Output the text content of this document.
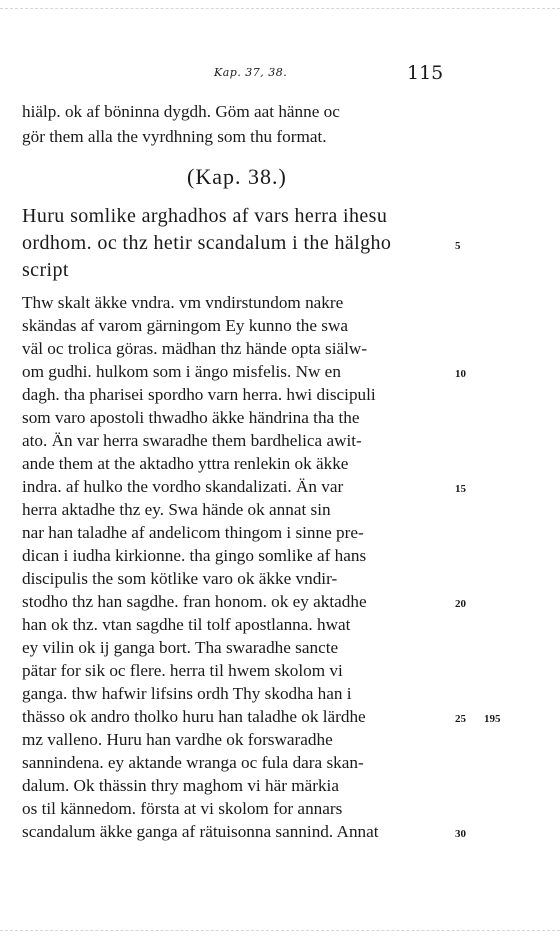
Kap. 37, 38.	115
hiälp. ok af böninna dygdh. Göm aat hänne oc
gör them alla the vyrdhning som thu format.
(Kap. 38.)
Huru somlike arghadhos af vars herra ihesu
ordhom. oc thz hetir scandalum i the hälgho
script
Thw skalt äkke vndra. vm vndirstundom nakre
skändas af varom gärningom Ey kunno the swa
väl oc trolica göras. mädhan thz hände opta siälw-
om gudhi. hulkom som i ängo misfelis. Nw en
dagh. tha pharisei spordho varn herra. hwi discipuli
som varo apostoli thwadho äkke händrina tha the
ato. Än var herra swaradhe them bardhelica awit-
ande them at the aktadho yttra renlekin ok äkke
indra. af hulko the vordho skandalizati. Än var
herra aktadhe thz ey. Swa hände ok annat sin
nar han taladhe af andelicom thingom i sinne pre-
dican i iudha kirkionne. tha gingo somlike af hans
discipulis the som kötlike varo ok äkke vndir-
stodho thz han sagdhe. fran honom. ok ey aktadhe
han ok thz. vtan sagdhe til tolf apostlanna. hwat
ey vilin ok ij ganga bort. Tha swaradhe sancte
pätar for sik oc flere. herra til hwem skolom vi
ganga. thw hafwir lifsins ordh Thy skodha han i
thässo ok andro tholko huru han taladhe ok lärdhe
mz valleno. Huru han vardhe ok forswaradhe
sannindena. ey aktande wranga oc fula dara skan-
dalum. Ok thässin thry maghom vi här märkia
os til kännedom. första at vi skolom for annars
scandalum äkke ganga af rätuisonna sannind. Annat
5
10
15
20
25
30
195
